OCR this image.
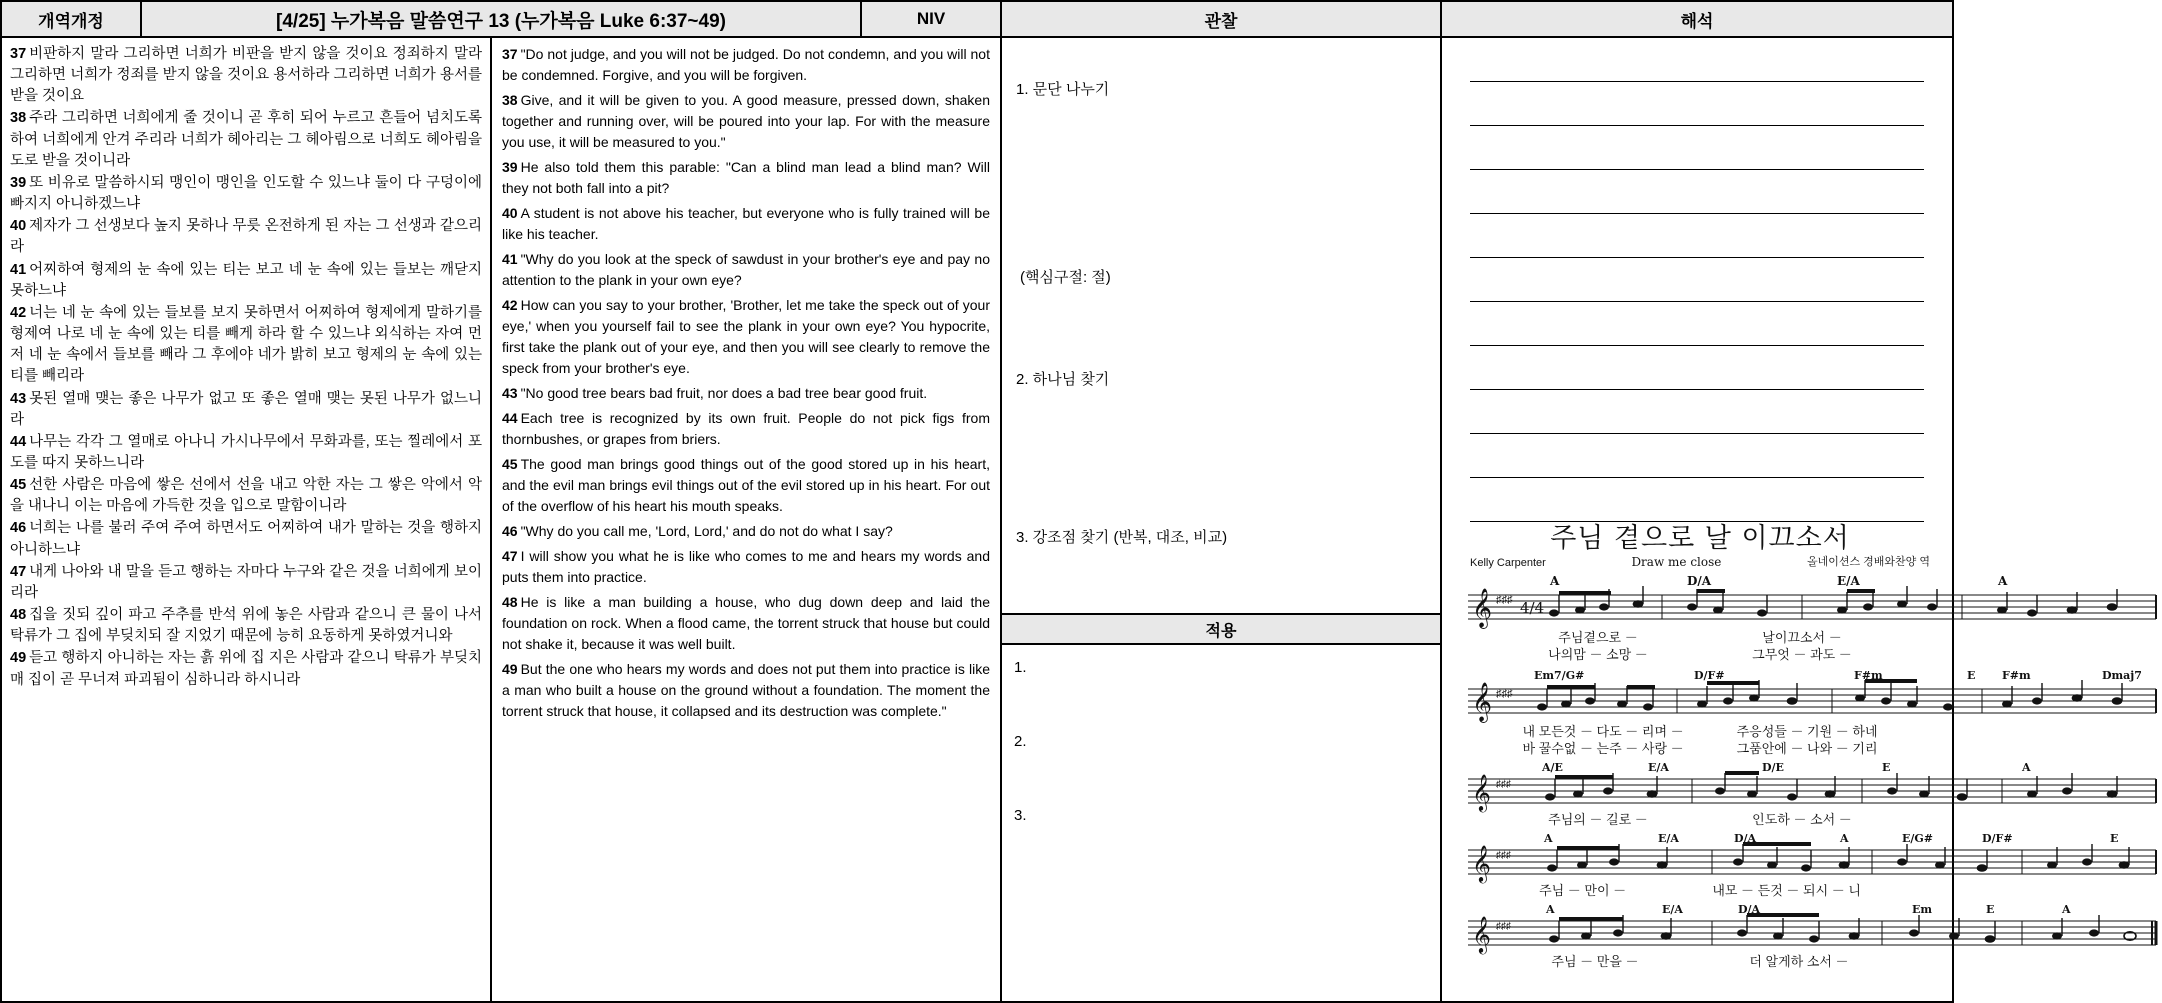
개역개정	[4/25] 누가복음 말씀연구 13 (누가복음 Luke 6:37~49)	NIV	관찰	해석

37 비판하지 말라 그리하면 너희가 비판을 받지 않을 것이요 정죄하지 말라 그리하면 너희가 정죄를 받지 않을 것이요 용서하라 그리하면 너희가 용서를 받을 것이요

38 주라 그리하면 너희에게 줄 것이니 곧 후히 되어 누르고 흔들어 넘치도록 하여 너희에게 안겨 주리라 너희가 헤아리는 그 헤아림으로 너희도 헤아림을 도로 받을 것이니라

39 또 비유로 말씀하시되 맹인이 맹인을 인도할 수 있느냐 둘이 다 구덩이에 빠지지 아니하겠느냐

40 제자가 그 선생보다 높지 못하나 무릇 온전하게 된 자는 그 선생과 같으리라

41 어찌하여 형제의 눈 속에 있는 티는 보고 네 눈 속에 있는 들보는 깨닫지 못하느냐

42 너는 네 눈 속에 있는 들보를 보지 못하면서 어찌하여 형제에게 말하기를 형제여 나로 네 눈 속에 있는 티를 빼게 하라 할 수 있느냐 외식하는 자여 먼저 네 눈 속에서 들보를 빼라 그 후에야 네가 밝히 보고 형제의 눈 속에 있는 티를 빼리라

43 못된 열매 맺는 좋은 나무가 없고 또 좋은 열매 맺는 못된 나무가 없느니라

44 나무는 각각 그 열매로 아나니 가시나무에서 무화과를, 또는 찔레에서 포도를 따지 못하느니라

45 선한 사람은 마음에 쌓은 선에서 선을 내고 악한 자는 그 쌓은 악에서 악을 내나니 이는 마음에 가득한 것을 입으로 말함이니라

46 너희는 나를 불러 주여 주여 하면서도 어찌하여 내가 말하는 것을 행하지 아니하느냐

47 내게 나아와 내 말을 듣고 행하는 자마다 누구와 같은 것을 너희에게 보이리라

48 집을 짓되 깊이 파고 주추를 반석 위에 놓은 사람과 같으니 큰 물이 나서 탁류가 그 집에 부딪치되 잘 지었기 때문에 능히 요동하게 못하였거니와

49 듣고 행하지 아니하는 자는 흙 위에 집 지은 사람과 같으니 탁류가 부딪치매 집이 곧 무너져 파괴됨이 심하니라 하시니라

37 "Do not judge, and you will not be judged. Do not condemn, and you will not be condemned. Forgive, and you will be forgiven.

38 Give, and it will be given to you. A good measure, pressed down, shaken together and running over, will be poured into your lap. For with the measure you use, it will be measured to you."

39 He also told them this parable: "Can a blind man lead a blind man? Will they not both fall into a pit?

40 A student is not above his teacher, but everyone who is fully trained will be like his teacher.

41 "Why do you look at the speck of sawdust in your brother's eye and pay no attention to the plank in your own eye?

42 How can you say to your brother, 'Brother, let me take the speck out of your eye,' when you yourself fail to see the plank in your own eye? You hypocrite, first take the plank out of your eye, and then you will see clearly to remove the speck from your brother's eye.

43 "No good tree bears bad fruit, nor does a bad tree bear good fruit.

44 Each tree is recognized by its own fruit. People do not pick figs from thornbushes, or grapes from briers.

45 The good man brings good things out of the good stored up in his heart, and the evil man brings evil things out of the evil stored up in his heart. For out of the overflow of his heart his mouth speaks.

46 "Why do you call me, 'Lord, Lord,' and do not do what I say?

47 I will show you what he is like who comes to me and hears my words and puts them into practice.

48 He is like a man building a house, who dug down deep and laid the foundation on rock. When a flood came, the torrent struck that house but could not shake it, because it was well built.

49 But the one who hears my words and does not put them into practice is like a man who built a house on the ground without a foundation. The moment the torrent struck that house, it collapsed and its destruction was complete."

1. 문단 나누기
(핵심구절: 절)
2. 하나님 찾기
3. 강조점 찾기 (반복, 대조, 비교)
적용
1.
2.
3.
주님 곁으로 날 이끄소서
Kelly Carpenter	Draw me close	올네이션스 경배와찬양 역
𝄞 ♯♯♯ 4/4
A	D/A	E/A	A
주님곁으로 －	날이끄소서 －
나의맘 － 소망 －	그무엇 － 과도 －
𝄞 ♯♯♯
Em7/G#	D/F#	F#m	F#m	Dmaj7
E
내 모든것 － 다도 － 리며 －	주응성들 － 기원 － 하네
바 꿀수없 － 는주 － 사랑 －	그품안에 － 나와 － 기리
𝄞 ♯♯♯
A/E	E/A	D/E	E	A
주님의 － 길로 －	인도하 － 소서 －
𝄞 ♯♯♯
A	E/A	D/A	A	E/G#	D/F#	E
주님 － 만이 －	내모 － 든것 － 되시 － 니
𝄞 ♯♯♯
A	E/A	D/A	Em	E	A
주님 － 만을 －	더 알게하 소서 －
